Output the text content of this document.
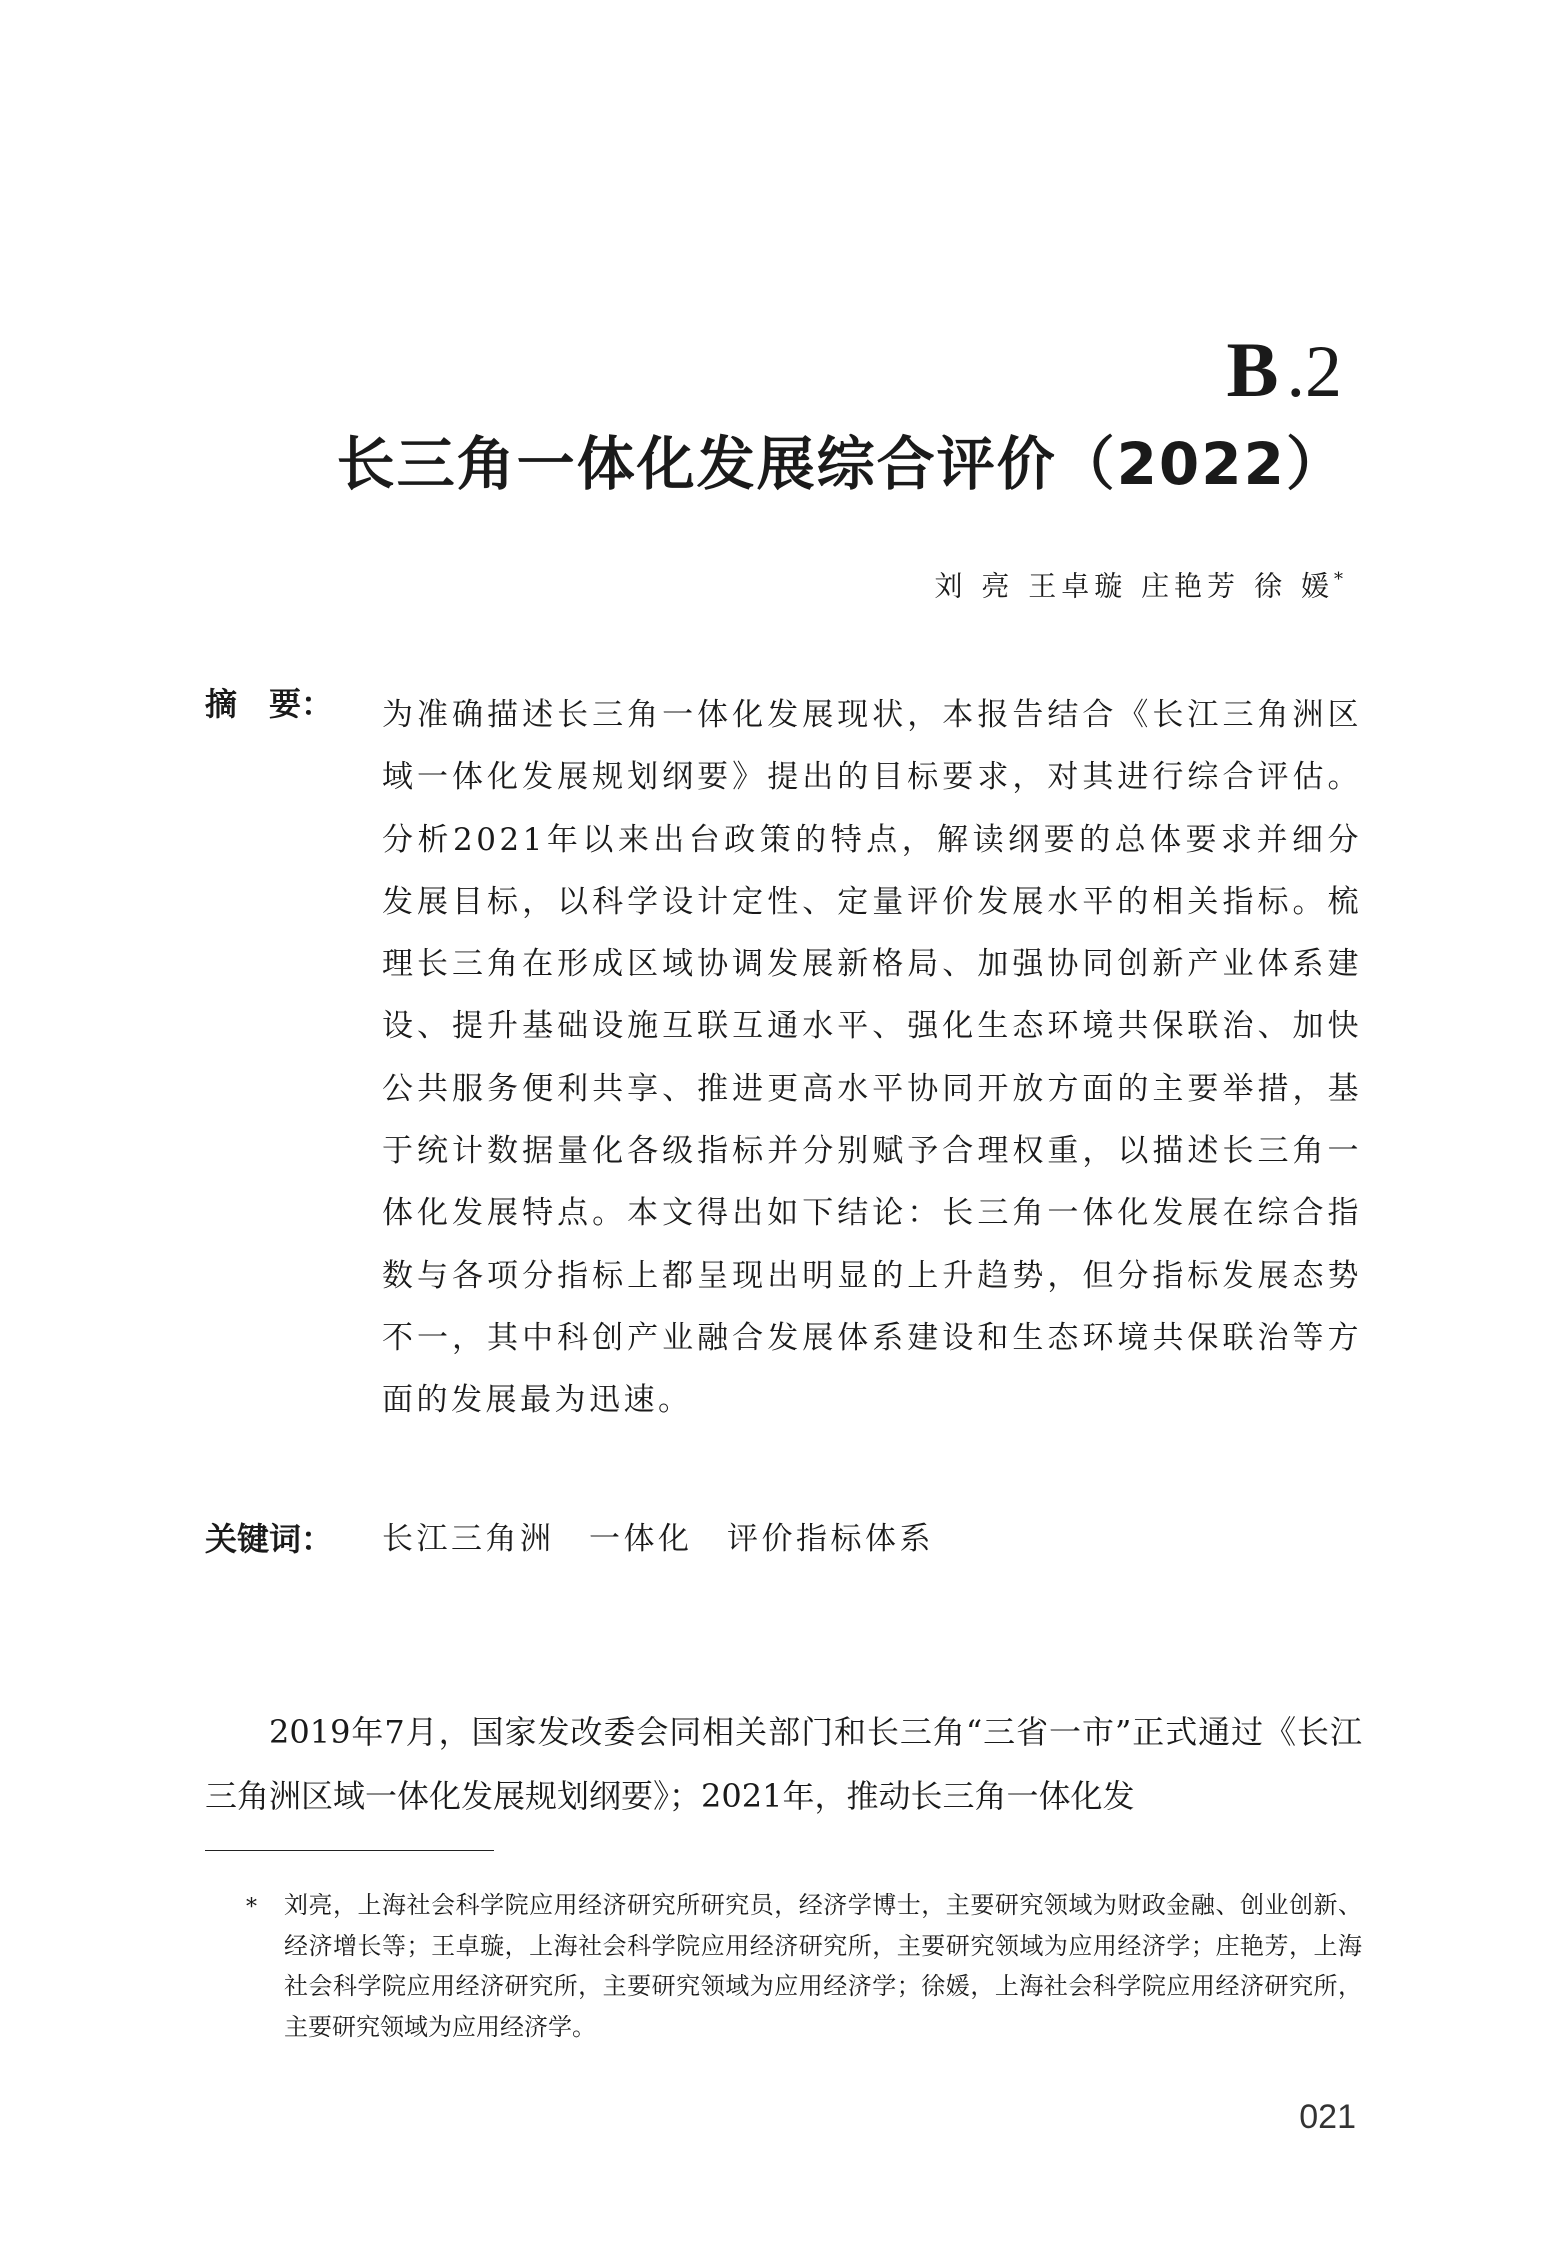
B .2
长三角一体化发展综合评价（2022）
刘 亮 王卓璇 庄艳芳 徐 媛*
摘　要： 为准确描述长三角一体化发展现状，本报告结合《长江三角洲区域一体化发展规划纲要》提出的目标要求，对其进行综合评估。分析2021年以来出台政策的特点，解读纲要的总体要求并细分发展目标，以科学设计定性、定量评价发展水平的相关指标。梳理长三角在形成区域协调发展新格局、加强协同创新产业体系建设、提升基础设施互联互通水平、强化生态环境共保联治、加快公共服务便利共享、推进更高水平协同开放方面的主要举措，基于统计数据量化各级指标并分别赋予合理权重，以描述长三角一体化发展特点。本文得出如下结论：长三角一体化发展在综合指数与各项分指标上都呈现出明显的上升趋势，但分指标发展态势不一，其中科创产业融合发展体系建设和生态环境共保联治等方面的发展最为迅速。

关键词： 长江三角洲　一体化　评价指标体系

2019年7月，国家发改委会同相关部门和长三角“三省一市”正式通过《长江三角洲区域一体化发展规划纲要》；2021年，推动长三角一体化发

* 刘亮，上海社会科学院应用经济研究所研究员，经济学博士，主要研究领域为财政金融、创业创新、经济增长等；王卓璇，上海社会科学院应用经济研究所，主要研究领域为应用经济学；庄艳芳，上海社会科学院应用经济研究所，主要研究领域为应用经济学；徐媛，上海社会科学院应用经济研究所，主要研究领域为应用经济学。

021
